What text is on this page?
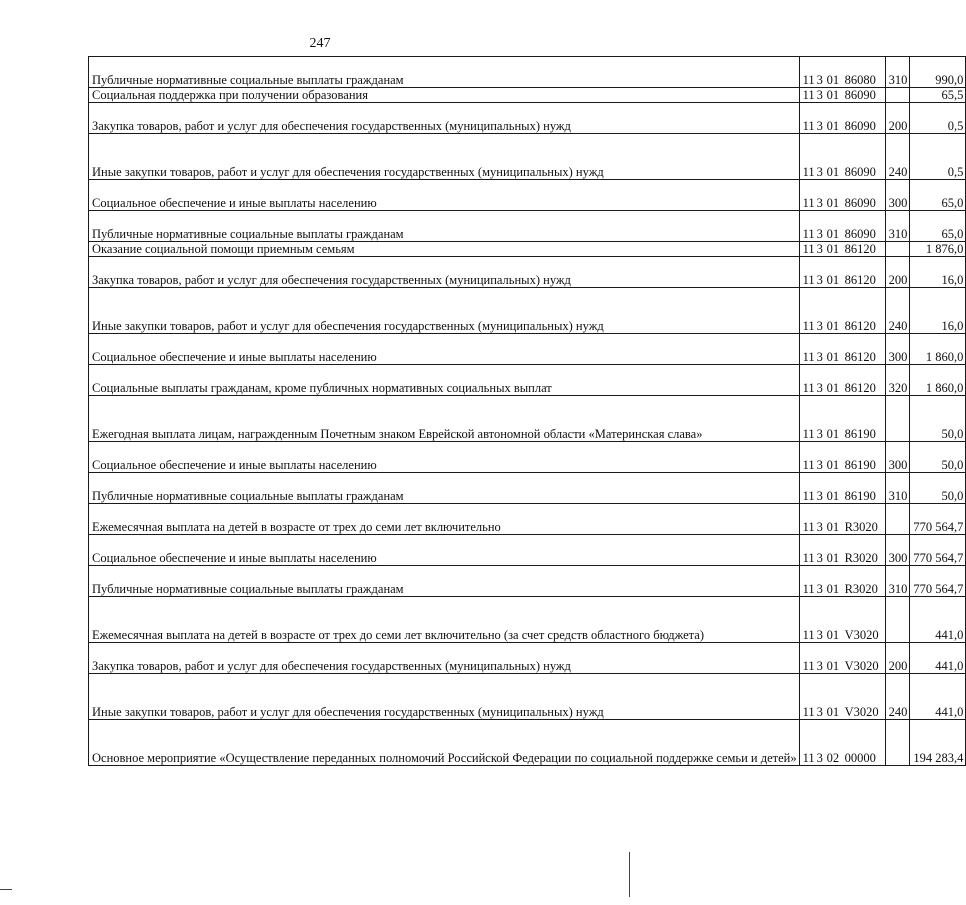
247
Публичные нормативные социальные выплаты гражданам	11 3 01 86080	310	990,0
Социальная поддержка при получении образования	11 3 01 86090		65,5
Закупка товаров, работ и услуг для обеспечения государственных (муниципальных) нужд	11 3 01 86090	200	0,5
Иные закупки товаров, работ и услуг для обеспечения государственных (муниципальных) нужд	11 3 01 86090	240	0,5
Социальное обеспечение и иные выплаты населению	11 3 01 86090	300	65,0
Публичные нормативные социальные выплаты гражданам	11 3 01 86090	310	65,0
Оказание социальной помощи приемным семьям	11 3 01 86120		1 876,0
Закупка товаров, работ и услуг для обеспечения государственных (муниципальных) нужд	11 3 01 86120	200	16,0
Иные закупки товаров, работ и услуг для обеспечения государственных (муниципальных) нужд	11 3 01 86120	240	16,0
Социальное обеспечение и иные выплаты населению	11 3 01 86120	300	1 860,0
Социальные выплаты гражданам, кроме публичных нормативных социальных выплат	11 3 01 86120	320	1 860,0
Ежегодная выплата лицам, награжденным Почетным знаком Еврейской автономной области «Материнская слава»	11 3 01 86190		50,0
Социальное обеспечение и иные выплаты населению	11 3 01 86190	300	50,0
Публичные нормативные социальные выплаты гражданам	11 3 01 86190	310	50,0
Ежемесячная выплата на детей в возрасте от трех до семи лет включительно	11 3 01 R3020		770 564,7
Социальное обеспечение и иные выплаты населению	11 3 01 R3020	300	770 564,7
Публичные нормативные социальные выплаты гражданам	11 3 01 R3020	310	770 564,7
Ежемесячная выплата на детей в возрасте от трех до семи лет включительно (за счет средств областного бюджета)	11 3 01 V3020		441,0
Закупка товаров, работ и услуг для обеспечения государственных (муниципальных) нужд	11 3 01 V3020	200	441,0
Иные закупки товаров, работ и услуг для обеспечения государственных (муниципальных) нужд	11 3 01 V3020	240	441,0
Основное мероприятие «Осуществление переданных полномочий Российской Федерации по социальной поддержке семьи и детей»	11 3 02 00000		194 283,4
